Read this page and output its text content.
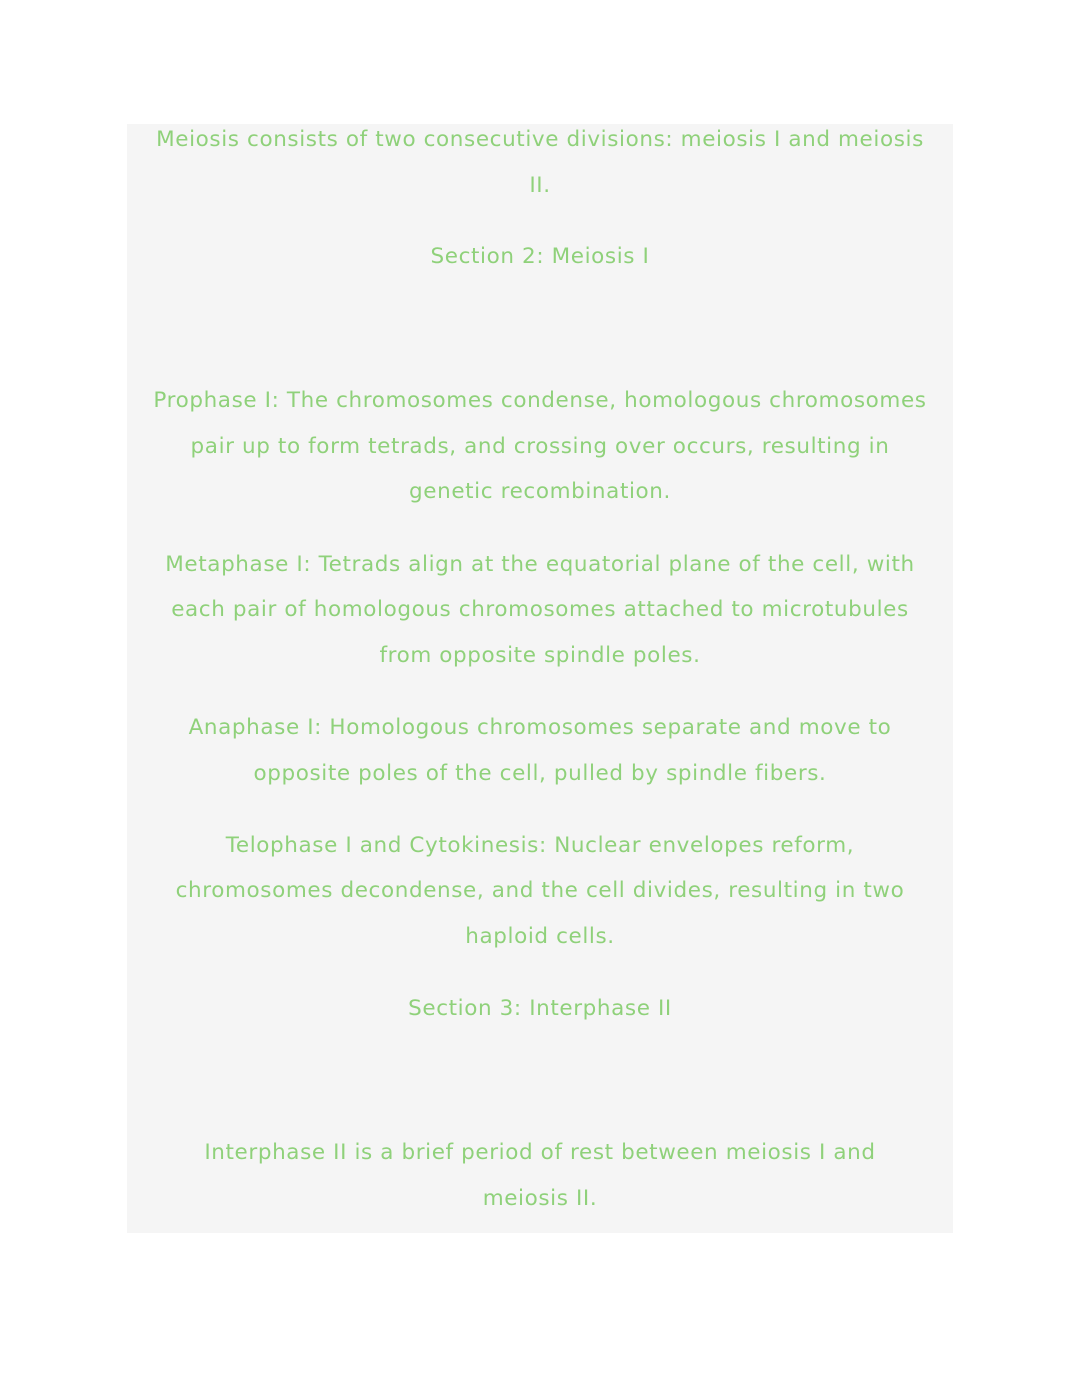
Meiosis consists of two consecutive divisions: meiosis I and meiosis
II.
Section 2: Meiosis I
Prophase I: The chromosomes condense, homologous chromosomes
pair up to form tetrads, and crossing over occurs, resulting in
genetic recombination.
Metaphase I: Tetrads align at the equatorial plane of the cell, with
each pair of homologous chromosomes attached to microtubules
from opposite spindle poles.
Anaphase I: Homologous chromosomes separate and move to
opposite poles of the cell, pulled by spindle fibers.
Telophase I and Cytokinesis: Nuclear envelopes reform,
chromosomes decondense, and the cell divides, resulting in two
haploid cells.
Section 3: Interphase II
Interphase II is a brief period of rest between meiosis I and
meiosis II.
